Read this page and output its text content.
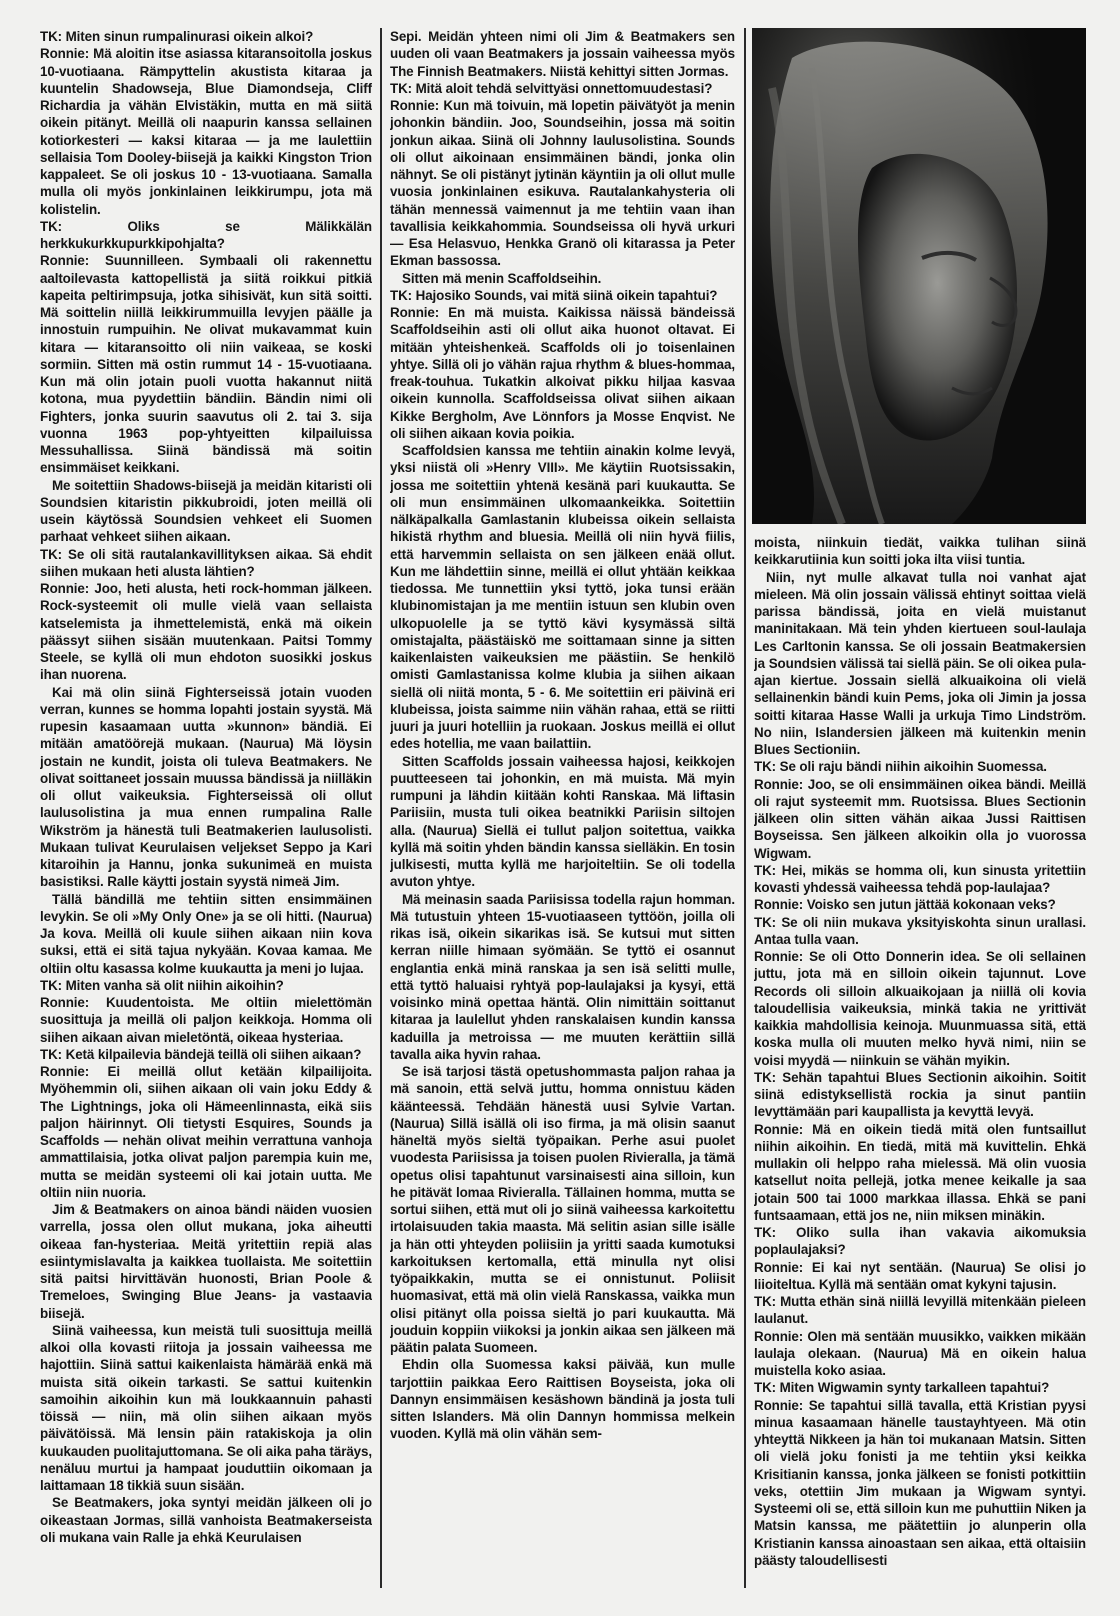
TK: Miten sinun rumpalinurasi oikein alkoi?

Ronnie: Mä aloitin itse asiassa kitaransoitolla joskus 10-vuotiaana. Rämpyttelin akustista kitaraa ja kuuntelin Shadowseja, Blue Diamondseja, Cliff Richardia ja vähän Elvistäkin, mutta en mä siitä oikein pitänyt. Meillä oli naapurin kanssa sellainen kotiorkesteri — kaksi kitaraa — ja me laulettiin sellaisia Tom Dooley-biisejä ja kaikki Kingston Trion kappaleet. Se oli joskus 10 - 13-vuotiaana. Samalla mulla oli myös jonkinlainen leikkirumpu, jota mä kolistelin.

TK: Oliks se Mälikkälän herkkukurkkupurkkipohjalta?

Ronnie: Suunnilleen. Symbaali oli rakennettu aaltoilevasta kattopellistä ja siitä roikkui pitkiä kapeita peltirimpsuja, jotka sihisivät, kun sitä soitti. Mä soittelin niillä leikkirummuilla levyjen päälle ja innostuin rumpuihin. Ne olivat mukavammat kuin kitara — kitaransoitto oli niin vaikeaa, se koski sormiin. Sitten mä ostin rummut 14 - 15-vuotiaana. Kun mä olin jotain puoli vuotta hakannut niitä kotona, mua pyydettiin bändiin. Bändin nimi oli Fighters, jonka suurin saavutus oli 2. tai 3. sija vuonna 1963 pop-yhtyeitten kilpailuissa Messuhallissa. Siinä bändissä mä soitin ensimmäiset keikkani.

Me soitettiin Shadows-biisejä ja meidän kitaristi oli Soundsien kitaristin pikkubroidi, joten meillä oli usein käytössä Soundsien vehkeet eli Suomen parhaat vehkeet siihen aikaan.

TK: Se oli sitä rautalankavillityksen aikaa. Sä ehdit siihen mukaan heti alusta lähtien?

Ronnie: Joo, heti alusta, heti rock-homman jälkeen. Rock-systeemit oli mulle vielä vaan sellaista katselemista ja ihmettelemistä, enkä mä oikein päässyt siihen sisään muutenkaan. Paitsi Tommy Steele, se kyllä oli mun ehdoton suosikki joskus ihan nuorena.

Kai mä olin siinä Fighterseissä jotain vuoden verran, kunnes se homma lopahti jostain syystä. Mä rupesin kasaamaan uutta »kunnon» bändiä. Ei mitään amatöörejä mukaan. (Naurua) Mä löysin jostain ne kundit, joista oli tuleva Beatmakers. Ne olivat soittaneet jossain muussa bändissä ja niilläkin oli ollut vaikeuksia. Fighterseissä oli ollut laulusolistina ja mua ennen rumpalina Ralle Wikström ja hänestä tuli Beatmakerien laulusolisti. Mukaan tulivat Keurulaisen veljekset Seppo ja Kari kitaroihin ja Hannu, jonka sukunimeä en muista basistiksi. Ralle käytti jostain syystä nimeä Jim.

Tällä bändillä me tehtiin sitten ensimmäinen levykin. Se oli »My Only One» ja se oli hitti. (Naurua) Ja kova. Meillä oli kuule siihen aikaan niin kova suksi, että ei sitä tajua nykyään. Kovaa kamaa. Me oltiin oltu kasassa kolme kuukautta ja meni jo lujaa.

TK: Miten vanha sä olit niihin aikoihin?

Ronnie: Kuudentoista. Me oltiin mielettömän suosittuja ja meillä oli paljon keikkoja. Homma oli siihen aikaan aivan mieletöntä, oikeaa hysteriaa.

TK: Ketä kilpailevia bändejä teillä oli siihen aikaan?

Ronnie: Ei meillä ollut ketään kilpailijoita. Myöhemmin oli, siihen aikaan oli vain joku Eddy & The Lightnings, joka oli Hämeenlinnasta, eikä siis paljon häirinnyt. Oli tietysti Esquires, Sounds ja Scaffolds — nehän olivat meihin verrattuna vanhoja ammattilaisia, jotka olivat paljon parempia kuin me, mutta se meidän systeemi oli kai jotain uutta. Me oltiin niin nuoria.

Jim & Beatmakers on ainoa bändi näiden vuosien varrella, jossa olen ollut mukana, joka aiheutti oikeaa fan-hysteriaa. Meitä yritettiin repiä alas esiintymislavalta ja kaikkea tuollaista. Me soitettiin sitä paitsi hirvittävän huonosti, Brian Poole & Tremeloes, Swinging Blue Jeans- ja vastaavia biisejä.

Siinä vaiheessa, kun meistä tuli suosittuja meillä alkoi olla kovasti riitoja ja jossain vaiheessa me hajottiin. Siinä sattui kaikenlaista hämärää enkä mä muista sitä oikein tarkasti. Se sattui kuitenkin samoihin aikoihin kun mä loukkaannuin pahasti töissä — niin, mä olin siihen aikaan myös päivätöissä. Mä lensin päin ratakiskoja ja olin kuukauden puolitajuttomana. Se oli aika paha täräys, nenäluu murtui ja hampaat jouduttiin oikomaan ja laittamaan 18 tikkiä suun sisään.

Se Beatmakers, joka syntyi meidän jälkeen oli jo oikeastaan Jormas, sillä vanhoista Beatmakerseista oli mukana vain Ralle ja ehkä Keurulaisen

Sepi. Meidän yhteen nimi oli Jim & Beatmakers sen uuden oli vaan Beatmakers ja jossain vaiheessa myös The Finnish Beatmakers. Niistä kehittyi sitten Jormas.

TK: Mitä aloit tehdä selvittyäsi onnettomuudestasi?

Ronnie: Kun mä toivuin, mä lopetin päivätyöt ja menin johonkin bändiin. Joo, Soundseihin, jossa mä soitin jonkun aikaa. Siinä oli Johnny laulusolistina. Sounds oli ollut aikoinaan ensimmäinen bändi, jonka olin nähnyt. Se oli pistänyt jytinän käyntiin ja oli ollut mulle vuosia jonkinlainen esikuva. Rautalankahysteria oli tähän mennessä vaimennut ja me tehtiin vaan ihan tavallisia keikkahommia. Soundseissa oli hyvä urkuri — Esa Helasvuo, Henkka Granö oli kitarassa ja Peter Ekman bassossa.

Sitten mä menin Scaffoldseihin.

TK: Hajosiko Sounds, vai mitä siinä oikein tapahtui?

Ronnie: En mä muista. Kaikissa näissä bändeissä Scaffoldseihin asti oli ollut aika huonot oltavat. Ei mitään yhteishenkeä. Scaffolds oli jo toisenlainen yhtye. Sillä oli jo vähän rajua rhythm & blues-hommaa, freak-touhua. Tukatkin alkoivat pikku hiljaa kasvaa oikein kunnolla. Scaffoldseissa olivat siihen aikaan Kikke Bergholm, Ave Lönnfors ja Mosse Enqvist. Ne oli siihen aikaan kovia poikia.

Scaffoldsien kanssa me tehtiin ainakin kolme levyä, yksi niistä oli »Henry VIII». Me käytiin Ruotsissakin, jossa me soitettiin yhtenä kesänä pari kuukautta. Se oli mun ensimmäinen ulkomaankeikka. Soitettiin nälkäpalkalla Gamlastanin klubeissa oikein sellaista hikistä rhythm and bluesia. Meillä oli niin hyvä fiilis, että harvemmin sellaista on sen jälkeen enää ollut. Kun me lähdettiin sinne, meillä ei ollut yhtään keikkaa tiedossa. Me tunnettiin yksi tyttö, joka tunsi erään klubinomistajan ja me mentiin istuun sen klubin oven ulkopuolelle ja se tyttö kävi kysymässä siltä omistajalta, päästäiskö me soittamaan sinne ja sitten kaikenlaisten vaikeuksien me päästiin. Se henkilö omisti Gamlastanissa kolme klubia ja siihen aikaan siellä oli niitä monta, 5 - 6. Me soitettiin eri päivinä eri klubeissa, joista saimme niin vähän rahaa, että se riitti juuri ja juuri hotelliin ja ruokaan. Joskus meillä ei ollut edes hotellia, me vaan bailattiin.

Sitten Scaffolds jossain vaiheessa hajosi, keikkojen puutteeseen tai johonkin, en mä muista. Mä myin rumpuni ja lähdin kiitään kohti Ranskaa. Mä liftasin Pariisiin, musta tuli oikea beatnikki Pariisin siltojen alla. (Naurua) Siellä ei tullut paljon soitettua, vaikka kyllä mä soitin yhden bändin kanssa sielläkin. En tosin julkisesti, mutta kyllä me harjoiteltiin. Se oli todella avuton yhtye.

Mä meinasin saada Pariisissa todella rajun homman. Mä tutustuin yhteen 15-vuotiaaseen tyttöön, joilla oli rikas isä, oikein sikarikas isä. Se kutsui mut sitten kerran niille himaan syömään. Se tyttö ei osannut englantia enkä minä ranskaa ja sen isä selitti mulle, että tyttö haluaisi ryhtyä pop-laulajaksi ja kysyi, että voisinko minä opettaa häntä. Olin nimittäin soittanut kitaraa ja laulellut yhden ranskalaisen kundin kanssa kaduilla ja metroissa — me muuten kerättiin sillä tavalla aika hyvin rahaa.

Se isä tarjosi tästä opetushommasta paljon rahaa ja mä sanoin, että selvä juttu, homma onnistuu käden käänteessä. Tehdään hänestä uusi Sylvie Vartan. (Naurua) Sillä isällä oli iso firma, ja mä olisin saanut häneltä myös sieltä työpaikan. Perhe asui puolet vuodesta Pariisissa ja toisen puolen Rivieralla, ja tämä opetus olisi tapahtunut varsinaisesti aina silloin, kun he pitävät lomaa Rivieralla. Tällainen homma, mutta se sortui siihen, että mut oli jo siinä vaiheessa karkoitettu irtolaisuuden takia maasta. Mä selitin asian sille isälle ja hän otti yhteyden poliisiin ja yritti saada kumotuksi karkoituksen kertomalla, että minulla nyt olisi työpaikkakin, mutta se ei onnistunut. Poliisit huomasivat, että mä olin vielä Ranskassa, vaikka mun olisi pitänyt olla poissa sieltä jo pari kuukautta. Mä jouduin koppiin viikoksi ja jonkin aikaa sen jälkeen mä päätin palata Suomeen.

Ehdin olla Suomessa kaksi päivää, kun mulle tarjottiin paikkaa Eero Raittisen Boyseista, joka oli Dannyn ensimmäisen kesäshown bändinä ja josta tuli sitten Islanders. Mä olin Dannyn hommissa melkein vuoden. Kyllä mä olin vähän sem-

moista, niinkuin tiedät, vaikka tulihan siinä keikkarutiinia kun soitti joka ilta viisi tuntia.

Niin, nyt mulle alkavat tulla noi vanhat ajat mieleen. Mä olin jossain välissä ehtinyt soittaa vielä parissa bändissä, joita en vielä muistanut maninitakaan. Mä tein yhden kiertueen soul-laulaja Les Carltonin kanssa. Se oli jossain Beatmakersien ja Soundsien välissä tai siellä päin. Se oli oikea pula-ajan kiertue. Jossain siellä alkuaikoina oli vielä sellainenkin bändi kuin Pems, joka oli Jimin ja jossa soitti kitaraa Hasse Walli ja urkuja Timo Lindström. No niin, Islandersien jälkeen mä kuitenkin menin Blues Sectioniin.

TK: Se oli raju bändi niihin aikoihin Suomessa.

Ronnie: Joo, se oli ensimmäinen oikea bändi. Meillä oli rajut systeemit mm. Ruotsissa. Blues Sectionin jälkeen olin sitten vähän aikaa Jussi Raittisen Boyseissa. Sen jälkeen alkoikin olla jo vuorossa Wigwam.

TK: Hei, mikäs se homma oli, kun sinusta yritettiin kovasti yhdessä vaiheessa tehdä pop-laulajaa?

Ronnie: Voisko sen jutun jättää kokonaan veks?

TK: Se oli niin mukava yksityiskohta sinun urallasi. Antaa tulla vaan.

Ronnie: Se oli Otto Donnerin idea. Se oli sellainen juttu, jota mä en silloin oikein tajunnut. Love Records oli silloin alkuaikojaan ja niillä oli kovia taloudellisia vaikeuksia, minkä takia ne yrittivät kaikkia mahdollisia keinoja. Muunmuassa sitä, että koska mulla oli muuten melko hyvä nimi, niin se voisi myydä — niinkuin se vähän myikin.

TK: Sehän tapahtui Blues Sectionin aikoihin. Soitit siinä edistyksellistä rockia ja sinut pantiin levyttämään pari kaupallista ja kevyttä levyä.

Ronnie: Mä en oikein tiedä mitä olen funtsaillut niihin aikoihin. En tiedä, mitä mä kuvittelin. Ehkä mullakin oli helppo raha mielessä. Mä olin vuosia katsellut noita pellejä, jotka menee keikalle ja saa jotain 500 tai 1000 markkaa illassa. Ehkä se pani funtsaamaan, että jos ne, niin miksen minäkin.

TK: Oliko sulla ihan vakavia aikomuksia poplaulajaksi?

Ronnie: Ei kai nyt sentään. (Naurua) Se olisi jo liioiteltua. Kyllä mä sentään omat kykyni tajusin.

TK: Mutta ethän sinä niillä levyillä mitenkään pieleen laulanut.

Ronnie: Olen mä sentään muusikko, vaikken mikään laulaja olekaan. (Naurua) Mä en oikein halua muistella koko asiaa.

TK: Miten Wigwamin synty tarkalleen tapahtui?

Ronnie: Se tapahtui sillä tavalla, että Kristian pyysi minua kasaamaan hänelle taustayhtyeen. Mä otin yhteyttä Nikkeen ja hän toi mukanaan Matsin. Sitten oli vielä joku fonisti ja me tehtiin yksi keikka Krisitianin kanssa, jonka jälkeen se fonisti potkittiin veks, otettiin Jim mukaan ja Wigwam syntyi. Systeemi oli se, että silloin kun me puhuttiin Niken ja Matsin kanssa, me päätettiin jo alunperin olla Kristianin kanssa ainoastaan sen aikaa, että oltaisiin päästy taloudellisesti
